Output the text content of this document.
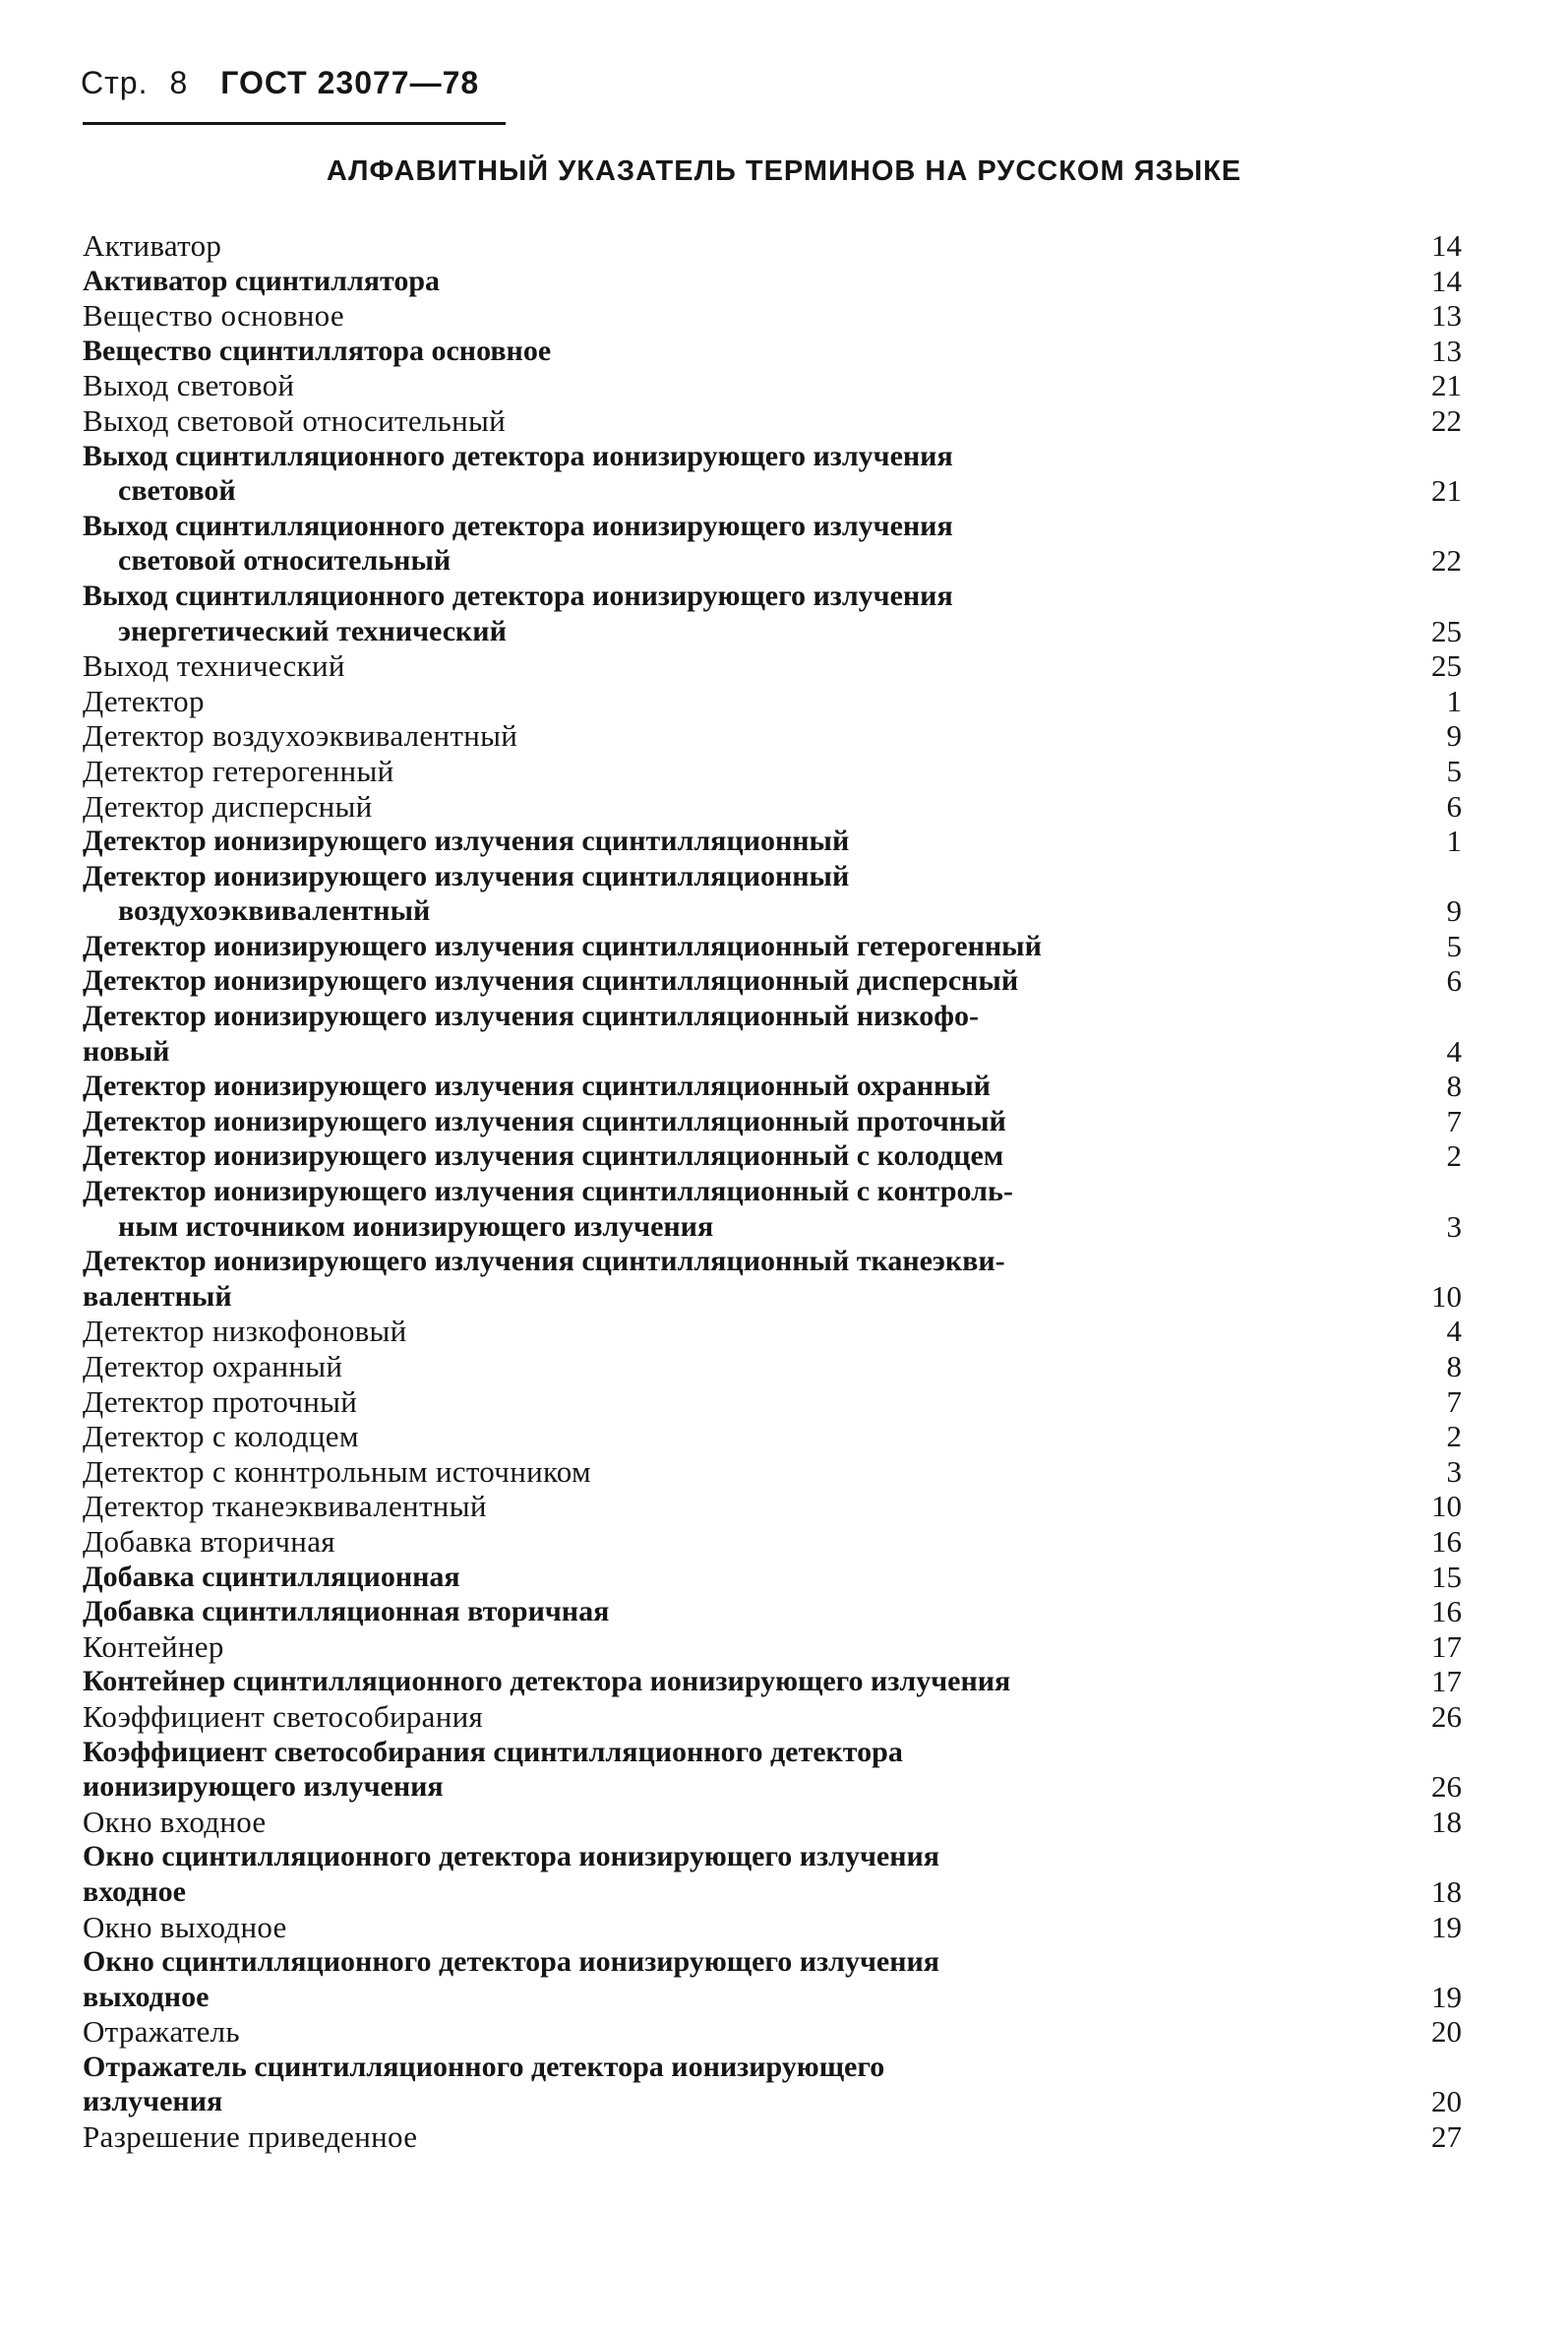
Стр. 8 ГОСТ 23077—78
АЛФАВИТНЫЙ УКАЗАТЕЛЬ ТЕРМИНОВ НА РУССКОМ ЯЗЫКЕ
Активатор	14
Активатор сцинтиллятора	14
Вещество основное	13
Вещество сцинтиллятора основное	13
Выход световой	21
Выход световой относительный	22
Выход сцинтилляционного детектора ионизирующего излучения
световой	21
Выход сцинтилляционного детектора ионизирующего излучения
световой относительный	22
Выход сцинтилляционного детектора ионизирующего излучения
энергетический технический	25
Выход технический	25
Детектор	1
Детектор воздухоэквивалентный	9
Детектор гетерогенный	5
Детектор дисперсный	6
Детектор ионизирующего излучения сцинтилляционный	1
Детектор ионизирующего излучения сцинтилляционный
воздухоэквивалентный	9
Детектор ионизирующего излучения сцинтилляционный гетерогенный	5
Детектор ионизирующего излучения сцинтилляционный дисперсный	6
Детектор ионизирующего излучения сцинтилляционный низкофо-
новый	4
Детектор ионизирующего излучения сцинтилляционный охранный	8
Детектор ионизирующего излучения сцинтилляционный проточный	7
Детектор ионизирующего излучения сцинтилляционный с колодцем	2
Детектор ионизирующего излучения сцинтилляционный с контроль-
ным источником ионизирующего излучения	3
Детектор ионизирующего излучения сцинтилляционный тканеэкви-
валентный	10
Детектор низкофоновый	4
Детектор охранный	8
Детектор проточный	7
Детектор с колодцем	2
Детектор с коннтрольным источником	3
Детектор тканеэквивалентный	10
Добавка вторичная	16
Добавка сцинтилляционная	15
Добавка сцинтилляционная вторичная	16
Контейнер	17
Контейнер сцинтилляционного детектора ионизирующего излучения	17
Коэффициент светособирания	26
Коэффициент светособирания сцинтилляционного детектора
ионизирующего излучения	26
Окно входное	18
Окно сцинтилляционного детектора ионизирующего излучения
входное	18
Окно выходное	19
Окно сцинтилляционного детектора ионизирующего излучения
выходное	19
Отражатель	20
Отражатель сцинтилляционного детектора ионизирующего
излучения	20
Разрешение приведенное	27
